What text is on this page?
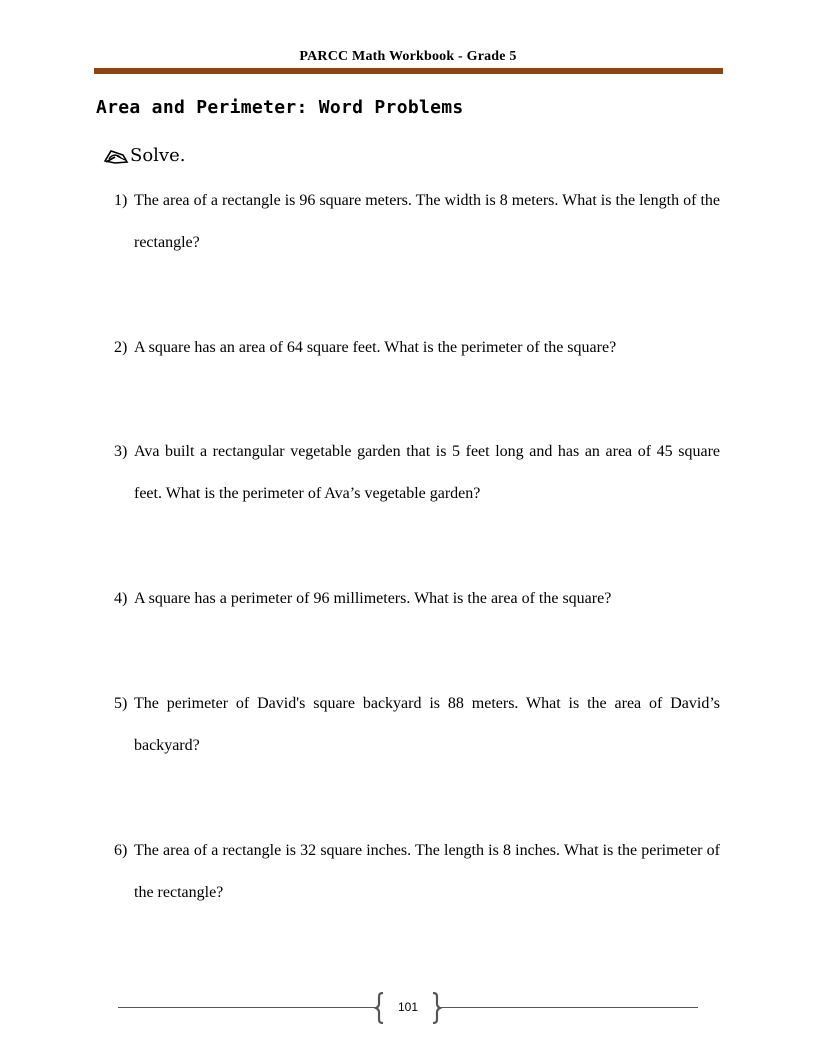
PARCC Math Workbook - Grade 5
Area and Perimeter: Word Problems
Solve.
1) The area of a rectangle is 96 square meters. The width is 8 meters. What is the length of the rectangle?
2) A square has an area of 64 square feet. What is the perimeter of the square?
3) Ava built a rectangular vegetable garden that is 5 feet long and has an area of 45 square feet. What is the perimeter of Ava’s vegetable garden?
4) A square has a perimeter of 96 millimeters. What is the area of the square?
5) The perimeter of David's square backyard is 88 meters. What is the area of David’s backyard?
6) The area of a rectangle is 32 square inches. The length is 8 inches. What is the perimeter of the rectangle?
101
